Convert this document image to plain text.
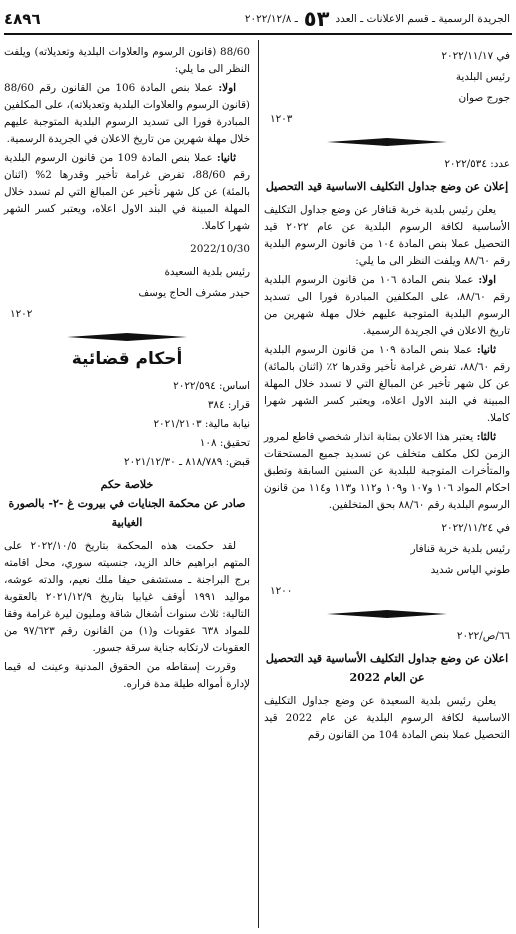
الجريدة الرسمية ـ قسم الاعلانات ـ العدد
٥٣
ـ ٢٠٢٢/١٢/٨
٤٨٩٦

في ٢٠٢٢/١١/١٧

رئيس البلدية

جورج صوان

١٢٠٣

عدد: ٢٠٢٢/٥٣٤

إعلان عن وضع جداول التكليف الاساسية قيد التحصيل

يعلن رئيس بلدية خربة قنافار عن وضع جداول التكليف الأساسية لكافة الرسوم البلدية عن عام ٢٠٢٢ قيد التحصيل عملا بنص المادة ١٠٤ من قانون الرسوم البلدية رقم ٨٨/٦٠ ويلفت النظر الى ما يلي:

اولا: عملا بنص المادة ١٠٦ من قانون الرسوم البلدية رقم ٨٨/٦٠، على المكلفين المبادرة فورا الى تسديد الرسوم البلدية المتوجبة عليهم خلال مهلة شهرين من تاريخ الاعلان في الجريدة الرسمية.

ثانيا: عملا بنص المادة ١٠٩ من قانون الرسوم البلدية رقم ٨٨/٦٠، تفرض غرامة تأخير وقدرها ٢٪ (اثنان بالمائة) عن كل شهر تأخير عن المبالغ التي لا تسدد خلال المهلة المبينة في البند الاول اعلاه، ويعتبر كسر الشهر شهرا كاملا.

ثالثا: يعتبر هذا الاعلان بمثابة انذار شخصي قاطع لمرور الزمن لكل مكلف متخلف عن تسديد جميع المستحقات والمتأخرات المتوجبة للبلدية عن السنين السابقة وتطبق احكام المواد ١٠٦ و١٠٧ و١٠٩ و١١٢ و١١٣ و١١٤ من قانون الرسوم البلدية رقم ٨٨/٦٠ بحق المتخلفين.

في ٢٠٢٢/١١/٢٤

رئيس بلدية خربة قنافار

طوني الياس شديد

١٢٠٠

٦٦/ص/٢٠٢٢

اعلان عن وضع جداول التكليف الأساسية قيد التحصيل عن العام 2022

يعلن رئيس بلدية السعيدة عن وضع جداول التكليف الاساسية لكافة الرسوم البلدية عن عام 2022 قيد التحصيل عملا بنص المادة 104 من القانون رقم

88/60 (قانون الرسوم والعلاوات البلدية وتعديلاته) ويلفت النظر الى ما يلي:

اولا: عملا بنص المادة 106 من القانون رقم 88/60 (قانون الرسوم والعلاوات البلدية وتعديلاته)، على المكلفين المبادرة فورا الى تسديد الرسوم البلدية المتوجبة عليهم خلال مهلة شهرين من تاريخ الاعلان في الجريدة الرسمية.

ثانيا: عملا بنص المادة 109 من قانون الرسوم البلدية رقم 88/60، تفرض غرامة تأخير وقدرها 2% (اثنان بالمئة) عن كل شهر تأخير عن المبالغ التي لم تسدد خلال المهلة المبينة في البند الاول اعلاه، ويعتبر كسر الشهر شهرا كاملا.

2022/10/30

رئيس بلدية السعيدة

حيدر مشرف الحاج يوسف

١٢٠٢

أحكام قضائية

اساس: ٢٠٢٢/٥٩٤

قرار: ٣٨٤

نيابة مالية: ٢٠٢١/٢١٠٣

تحقيق: ١٠٨

قبض: ٨١٨/٧٨٩ ـ ٢٠٢١/١٢/٣٠

خلاصة حكم
صادر عن محكمة الجنايات في بيروت غ -٢- بالصورة الغيابية

لقد حكمت هذه المحكمة بتاريخ ٢٠٢٢/١٠/٥ على المتهم ابراهيم خالد الزيد، جنسيته سوري، محل اقامته برج البراجنة ـ مستشفى حيفا ملك نعيم، والدته عوشه، مواليد ١٩٩١ أوقف غيابيا بتاريخ ٢٠٢١/١٢/٩ بالعقوبة التالية: ثلاث سنوات أشغال شاقة ومليون ليرة غرامة وفقا للمواد ٦٣٨ عقوبات و(١) من القانون رقم ٩٧/٦٢٣ من العقوبات لارتكابه جناية سرقة جسور.

وقررت إسقاطه من الحقوق المدنية وعينت له قيما لإدارة أمواله طيلة مدة فراره.
